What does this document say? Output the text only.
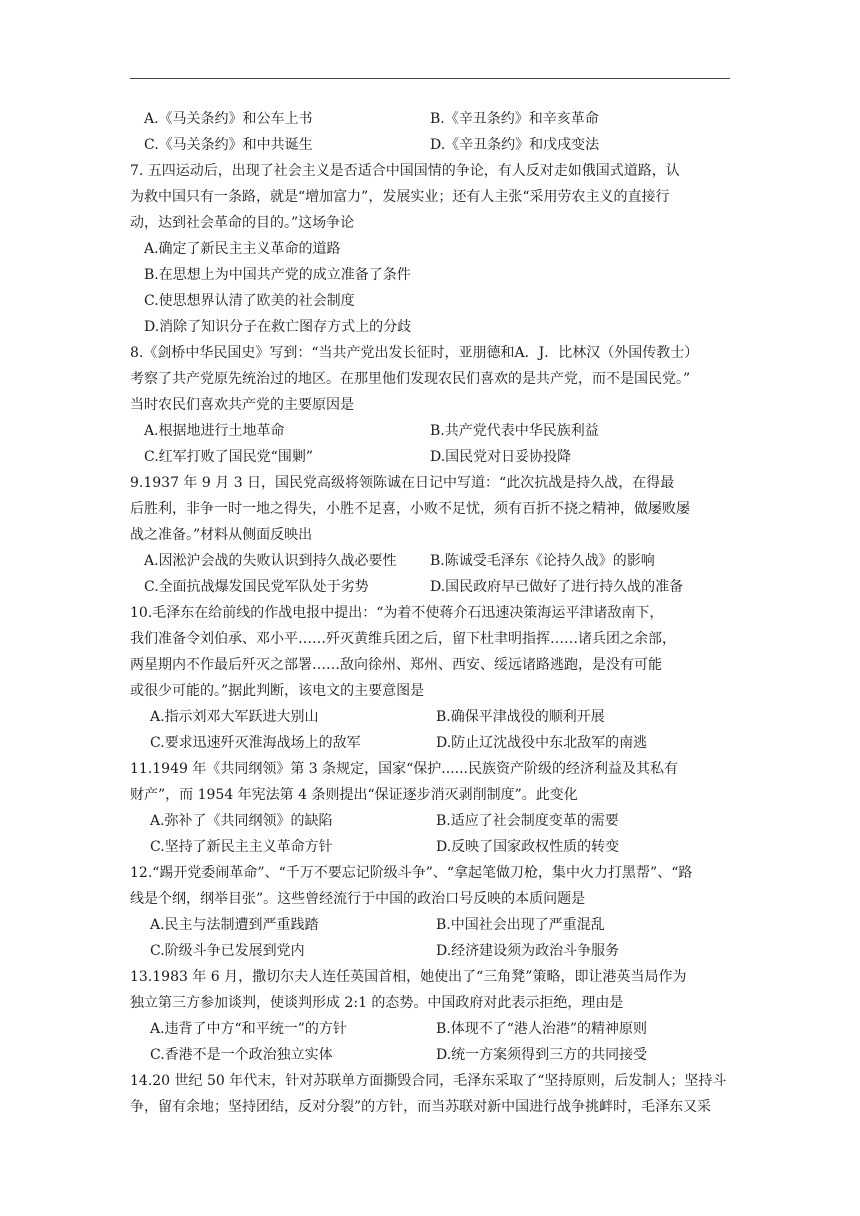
A.《马关条约》和公车上书	B.《辛丑条约》和辛亥革命
C.《马关条约》和中共诞生	D.《辛丑条约》和戊戌变法
7. 五四运动后，出现了社会主义是否适合中国国情的争论，有人反对走如俄国式道路，认
为救中国只有一条路，就是“增加富力”，发展实业；还有人主张“采用劳农主义的直接行
动，达到社会革命的目的。”这场争论
A.确定了新民主主义革命的道路
B.在思想上为中国共产党的成立准备了条件
C.使思想界认清了欧美的社会制度
D.消除了知识分子在救亡图存方式上的分歧
8.《剑桥中华民国史》写到：“当共产党出发长征时，亚朋德和A．J．比林汉（外国传教士）
考察了共产党原先统治过的地区。在那里他们发现农民们喜欢的是共产党，而不是国民党。”
当时农民们喜欢共产党的主要原因是
A.根据地进行土地革命	B.共产党代表中华民族利益
C.红军打败了国民党“围剿”	D.国民党对日妥协投降
9.1937 年 9 月 3 日，国民党高级将领陈诚在日记中写道：“此次抗战是持久战，在得最
后胜利，非争一时一地之得失，小胜不足喜，小败不足忧，须有百折不挠之精神，做屡败屡
战之准备。”材料从侧面反映出
A.因淞沪会战的失败认识到持久战必要性	B.陈诚受毛泽东《论持久战》的影响
C.全面抗战爆发国民党军队处于劣势	D.国民政府早已做好了进行持久战的准备
10.毛泽东在给前线的作战电报中提出：“为着不使蒋介石迅速决策海运平津诸敌南下，
我们准备令刘伯承、邓小平……歼灭黄维兵团之后，留下杜聿明指挥……诸兵团之余部，
两星期内不作最后歼灭之部署……敌向徐州、郑州、西安、绥远诸路逃跑，是没有可能
或很少可能的。”据此判断，该电文的主要意图是
A.指示刘邓大军跃进大别山	B.确保平津战役的顺利开展
C.要求迅速歼灭淮海战场上的敌军	D.防止辽沈战役中东北敌军的南逃
11.1949 年《共同纲领》第 3 条规定，国家“保护......民族资产阶级的经济利益及其私有
财产”，而 1954 年宪法第 4 条则提出“保证逐步消灭剥削制度”。此变化
A.弥补了《共同纲领》的缺陷	B.适应了社会制度变革的需要
C.坚持了新民主主义革命方针	D.反映了国家政权性质的转变
12.“踢开党委闹革命”、“千万不要忘记阶级斗争”、“拿起笔做刀枪，集中火力打黑帮”、“路
线是个纲，纲举目张”。这些曾经流行于中国的政治口号反映的本质问题是
A.民主与法制遭到严重践踏	B.中国社会出现了严重混乱
C.阶级斗争已发展到党内	D.经济建设须为政治斗争服务
13.1983 年 6 月，撒切尔夫人连任英国首相，她使出了“三角凳”策略，即让港英当局作为
独立第三方参加谈判，使谈判形成 2:1 的态势。中国政府对此表示拒绝，理由是
A.违背了中方“和平统一”的方针	B.体现不了“港人治港”的精神原则
C.香港不是一个政治独立实体	D.统一方案须得到三方的共同接受
14.20 世纪 50 年代末，针对苏联单方面撕毁合同，毛泽东采取了“坚持原则，后发制人；坚持斗
争，留有余地；坚持团结，反对分裂”的方针，而当苏联对新中国进行战争挑衅时，毛泽东又采
